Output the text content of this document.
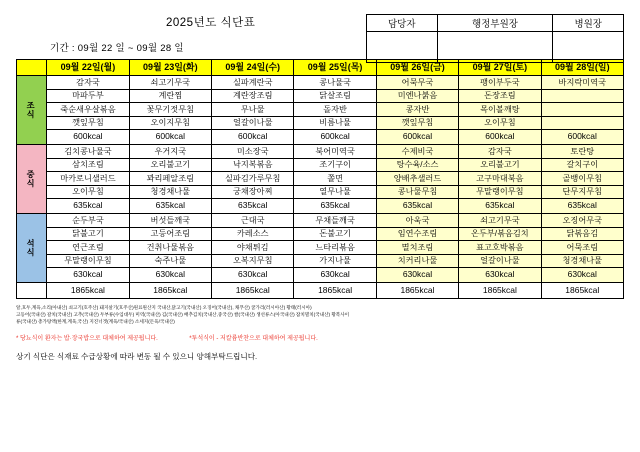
담당자	행정부원장	병원장

2025년도 식단표
기간 : 09월 22 일 ~ 09월 28 일
	09월 22일(월)	09월 23일(화)	09월 24일(수)	09월 25일(목)	09월 26일(금)	09월 27일(토)	09월 28일(일)
조
식	감자국	쇠고기무국	실파계란국	콩나물국	어묵무국	팽이부두국	바지락미역국
	마파두부	계란찜	계란장조림	닭살조림	미엔나붉음	돈장조림	
	죽순새우살볶음	꽃무기젓무침	무나물	돌자반	콩자반	목이볼깨탕	
	깻잎무침	오이지무침	얼갈이나물	비름나물	깻잎무침	오이무침	
	600kcal	600kcal	600kcal	600kcal	600kcal	600kcal	600kcal
중
식	김치콩나물국	우거지국	미소장국	북어미역국	수제비국	감자국	토란탕
	삼치조림	오리불고기	낙지복볶음	조기구이	탕수육/소스	오리불고기	갈치구이
	마카로니샐러드	꽈리페알조림	실파김가루무침	쫄면	양배추샐러드	고구마대북음	골뱅이무침
	오이무침	청경채나물	궁채장아찌	열무나물	콩나물무침	무말랭이무침	단무지무침
	635kcal	635kcal	635kcal	635kcal	635kcal	635kcal	635kcal
석
식	순두부국	버섯들깨국	근대국	무채들깨국	아욱국	쇠고기무국	오징어무국
	닭불고기	고등어조림	카레소스	돈불고기	임연수조림	온두부/볶음김치	닭볶음김
	연근조림	건취나물볶음	야채튀김	느타리볶음	멸치조림	표고호박볶음	어묵조림
	무말랭이무침	숙주나물	오복지무침	가지나물	치커리나물	얼갈이나물	청경채나물
	630kcal	630kcal	630kcal	630kcal	630kcal	630kcal	630kcal
	1865kcal	1865kcal	1865kcal	1865kcal	1865kcal	1865kcal	1865kcal
알,호두,계육,소리(아내산) 쇠고기(호주산) 돼지살기(호주산)원료원산지 국내산,닭고기(국내산) 오징어(국내산), 채푸산) 굴가리(러시아산) 황태(러시아)
고등어(국내산) 갈치(국내산) 고추(국내산) 두부류(수입대두) 미역(국내산) 김(국내산) 배추김치(국내산,중국산) 쌀(국내산) 생선류스(아국내산) 잡치멸치(국내산) 황복사이
류(국내산) 총가탕액(한계,계육,국산) 지진너겟(계육/국내산) 소세지(돈육/국내산)
* 당뇨식이 환자는 밥·장국밥으로 대체하여 제공됩니다.	*투석식이 - 저칼륨반찬으로 대체하여 제공됩니다.
상기 식단은 식재료 수급상황에 따라 변동 될 수 있으니 양해부탁드립니다.
